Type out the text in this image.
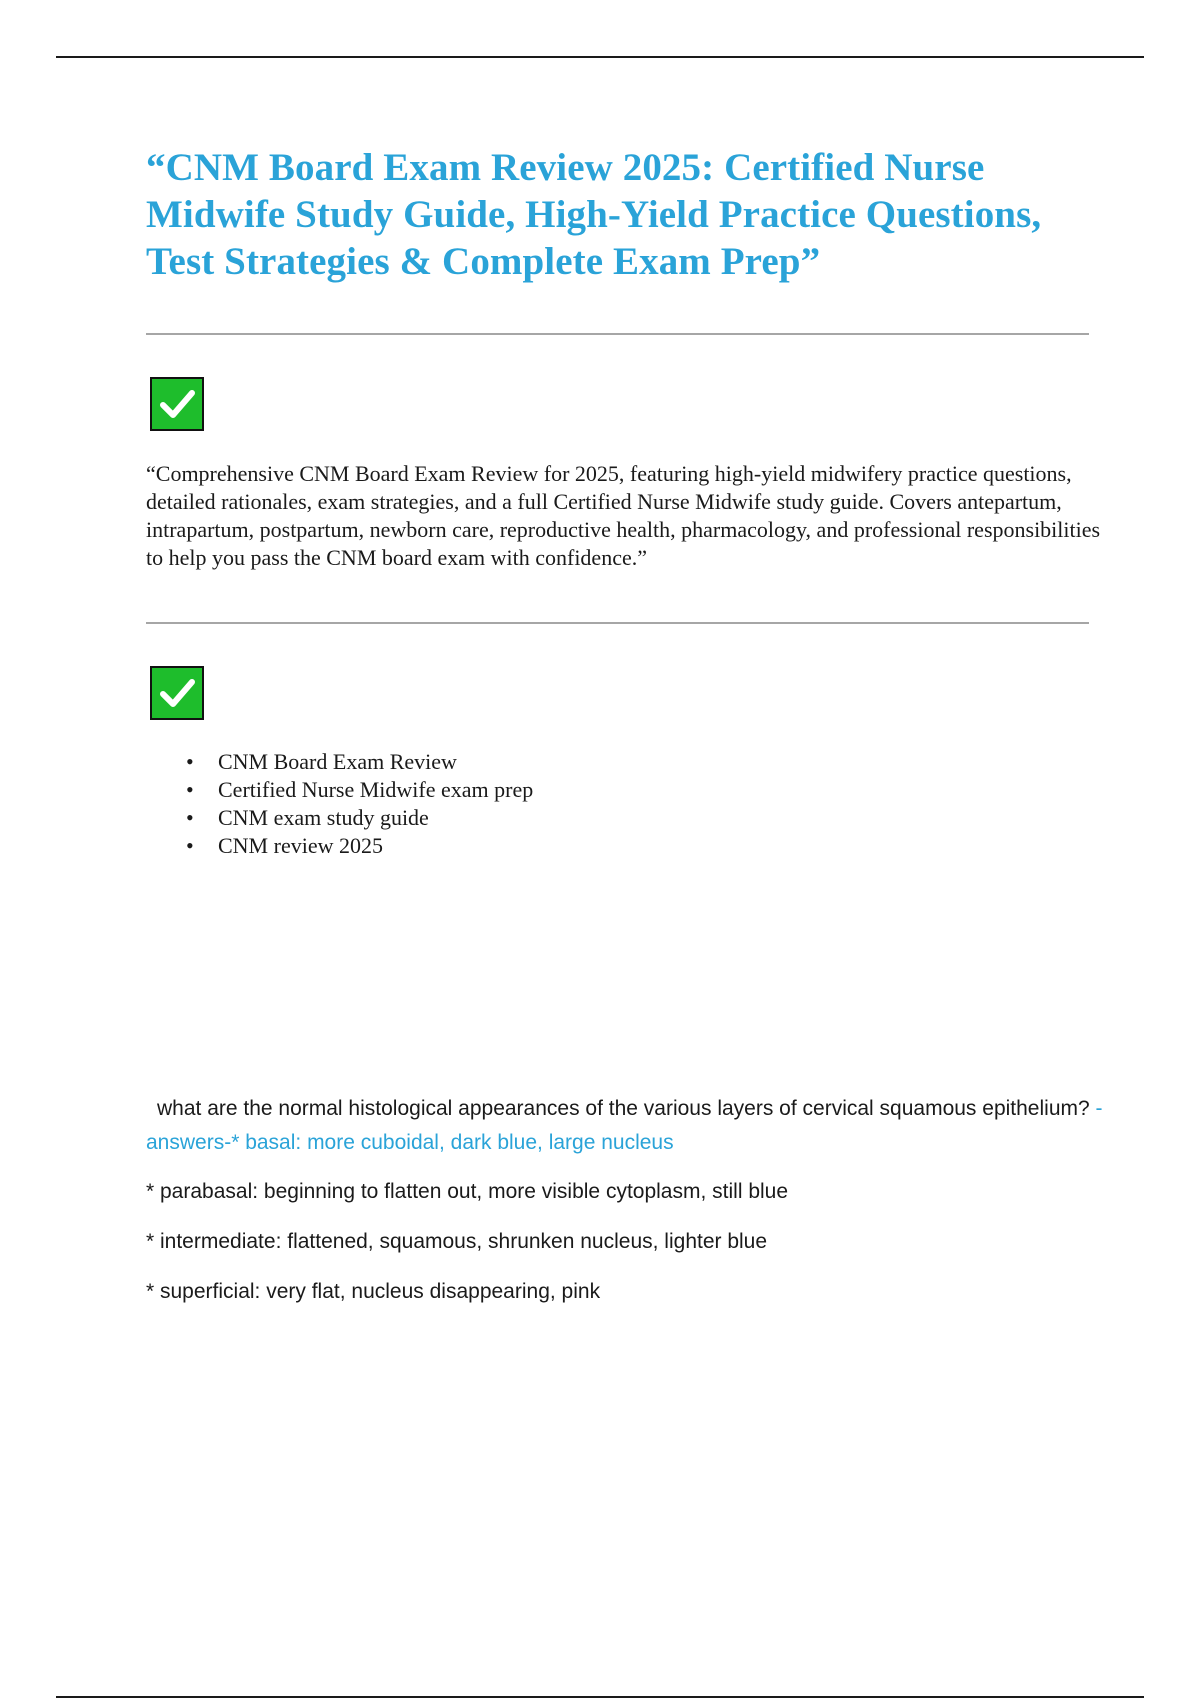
“CNM Board Exam Review 2025: Certified Nurse Midwife Study Guide, High-Yield Practice Questions, Test Strategies & Complete Exam Prep”

“Comprehensive CNM Board Exam Review for 2025, featuring high-yield midwifery practice questions, detailed rationales, exam strategies, and a full Certified Nurse Midwife study guide. Covers antepartum, intrapartum, postpartum, newborn care, reproductive health, pharmacology, and professional responsibilities to help you pass the CNM board exam with confidence.”

• CNM Board Exam Review
• Certified Nurse Midwife exam prep
• CNM exam study guide
• CNM review 2025

what are the normal histological appearances of the various layers of cervical squamous epithelium? - answers-* basal: more cuboidal, dark blue, large nucleus

* parabasal: beginning to flatten out, more visible cytoplasm, still blue

* intermediate: flattened, squamous, shrunken nucleus, lighter blue

* superficial: very flat, nucleus disappearing, pink
